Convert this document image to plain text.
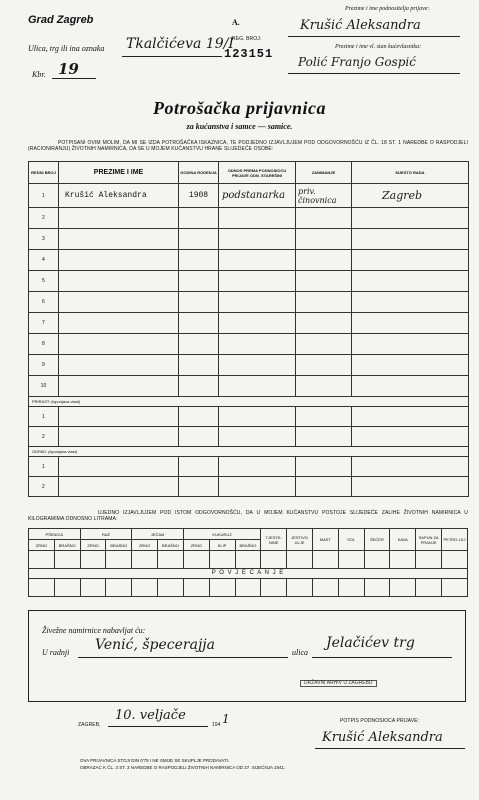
Grad Zagreb	A.
Prezime i ime podnositelja prijave:
Krušić Aleksandra
Prezime i ime vl. stan kućevlasnika:
Polić Franjo Gospić
Ulica, trg ili ina oznaka Tkalčićeva 19/I
REG. BROJ:
123151
Kbr. 19
Potrošačka prijavnica
za kućanstva i samce — samice.
POTPISANI OVIM MOLIM, DA MI SE IZDA POTROŠAČKA ISKAZNICA, TE PODJEDNO IZJAVLJUJEM POD ODGOVORNOŠĆU IZ ČL. 18 ST. 1 NAREDBE O RASPODJELI (RACIONIRANJU) ŽIVOTNIH NAMIRNICA, DA SE U MOJEM KUĆANSTVU HRANE SLIJEDEĆE OSOBE:
REDNI BROJ	PREZIME I IME	GODINA RODENJA	ODNOS PREMA PODNOSIOCU PRIJAVE ODN. STAREŠINI	ZANIMANJE	MJESTO RADA
1	Krušić Aleksandra	1908	podstanarka	priv. činovnica	Zagreb
2					
3					
4					
5					
6					
7					
8					
9					
10					
PRIRAST: (ispunjava vlast)					
1					
2					
ODPAD: (ispunjava vlast)					
1					
2					
UJEDNO IZJAVLJUJEM POD ISTOM ODGOVORNOŠĆU, DA U MOJEM KUĆANSTVU POSTOJE SLIJEDEĆE ZALIHE ŽIVOTNIH NAMIRNICA U KILOGRAMIMA ODNOSNO LITRAMA:
PŠENICA		RAŽ		JEČAM		KUKURUZ			TJESTE-NINE	JESTIVO ULJE	MAST	SOL	ŠEĆER	KAVA	SAPUN ZA PRANJE	PETRO-LEJ
ZRNO	BRAŠNO	ZRNO	BRAŠNO	ZRNO	BRAŠNO	ZRNO	KLIP	BRAŠNO								

P O V J E Ć A N J E																

Živežne namirnice nabavljat ću:
U radnji Venić, špecerajja	ulica
Jelačićev trg
DRŽAVNI ARHIV U ZAGREBU
ZAGREB,
10. veljače
194 1	POTPIS PODNOSIOCA PRIJAVE:
Krušić Aleksandra
OVA PRIJAVNICA STOJI DIN 0'75 I NE SMIJE SE SKUPLJE PRODAVATI.
OBRAZAC K ČL. 3 ST. 3 NAREDBE O RASPODJELI ŽIVOTNIH NAMIRNICA OD 27. SIJEČNJA 1941.
